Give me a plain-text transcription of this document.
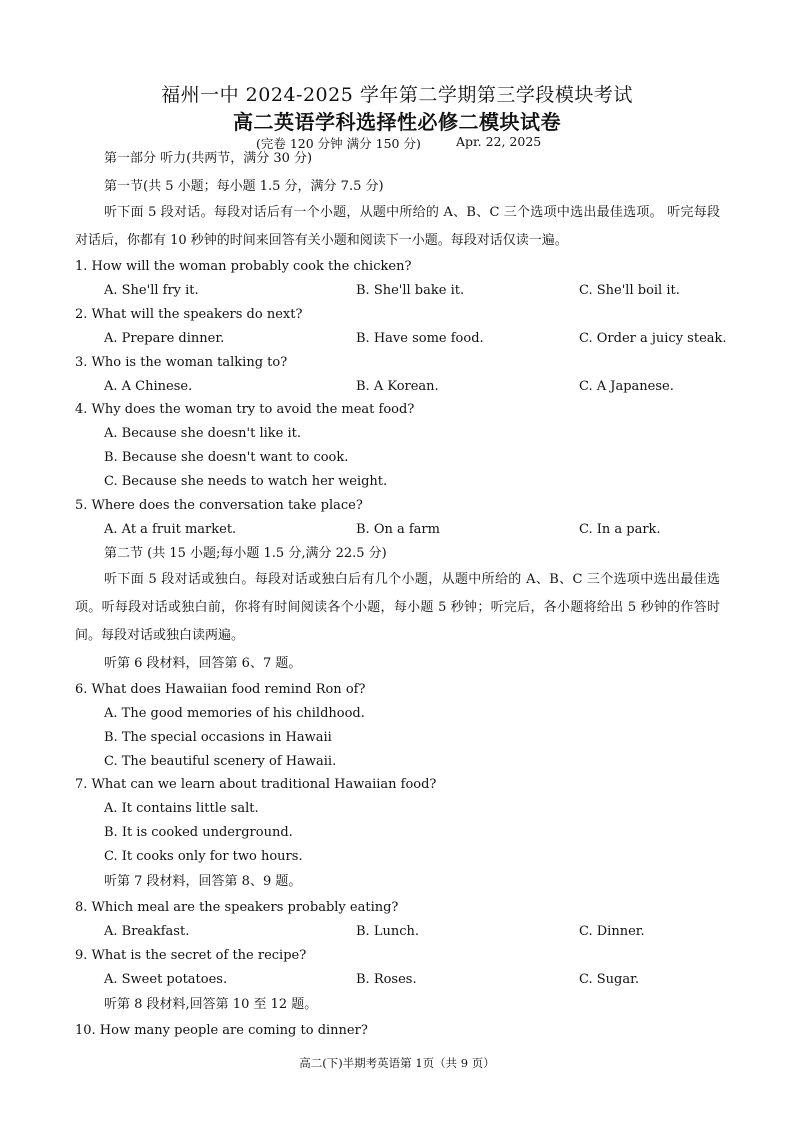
福州一中 2024-2025 学年第二学期第三学段模块考试
高二英语学科选择性必修二模块试卷
(完卷 120 分钟 满分 150 分)	Apr. 22, 2025
第一部分 听力(共两节，满分 30 分)
第一节(共 5 小题；每小题 1.5 分，满分 7.5 分)
听下面 5 段对话。每段对话后有一个小题，从题中所给的 A、B、C 三个选项中选出最佳选项。 听完每段对话后，你都有 10 秒钟的时间来回答有关小题和阅读下一小题。每段对话仅读一遍。
1. How will the woman probably cook the chicken?
A. She'll fry it.	B. She'll bake it.	C. She'll boil it.
2. What will the speakers do next?
A. Prepare dinner.	B. Have some food.	C. Order a juicy steak.
3. Who is the woman talking to?
A. A Chinese.	B. A Korean.	C. A Japanese.
4. Why does the woman try to avoid the meat food?
A. Because she doesn't like it.
B. Because she doesn't want to cook.
C. Because she needs to watch her weight.
5. Where does the conversation take place?
A. At a fruit market.	B. On a farm	C. In a park.
第二节 (共 15 小题;每小题 1.5 分,满分 22.5 分)
听下面 5 段对话或独白。每段对话或独白后有几个小题，从题中所给的 A、B、C 三个选项中选出最佳选项。听每段对话或独白前，你将有时间阅读各个小题，每小题 5 秒钟；听完后，各小题将给出 5 秒钟的作答时间。每段对话或独白读两遍。
听第 6 段材料，回答第 6、7 题。
6. What does Hawaiian food remind Ron of?
A. The good memories of his childhood.
B. The special occasions in Hawaii
C. The beautiful scenery of Hawaii.
7. What can we learn about traditional Hawaiian food?
A. It contains little salt.
B. It is cooked underground.
C. It cooks only for two hours.
听第 7 段材料，回答第 8、9 题。
8. Which meal are the speakers probably eating?
A. Breakfast.	B. Lunch.	C. Dinner.
9. What is the secret of the recipe?
A. Sweet potatoes.	B. Roses.	C. Sugar.
听第 8 段材料,回答第 10 至 12 题。
10. How many people are coming to dinner?
高二(下)半期考英语第 1页（共 9 页）
